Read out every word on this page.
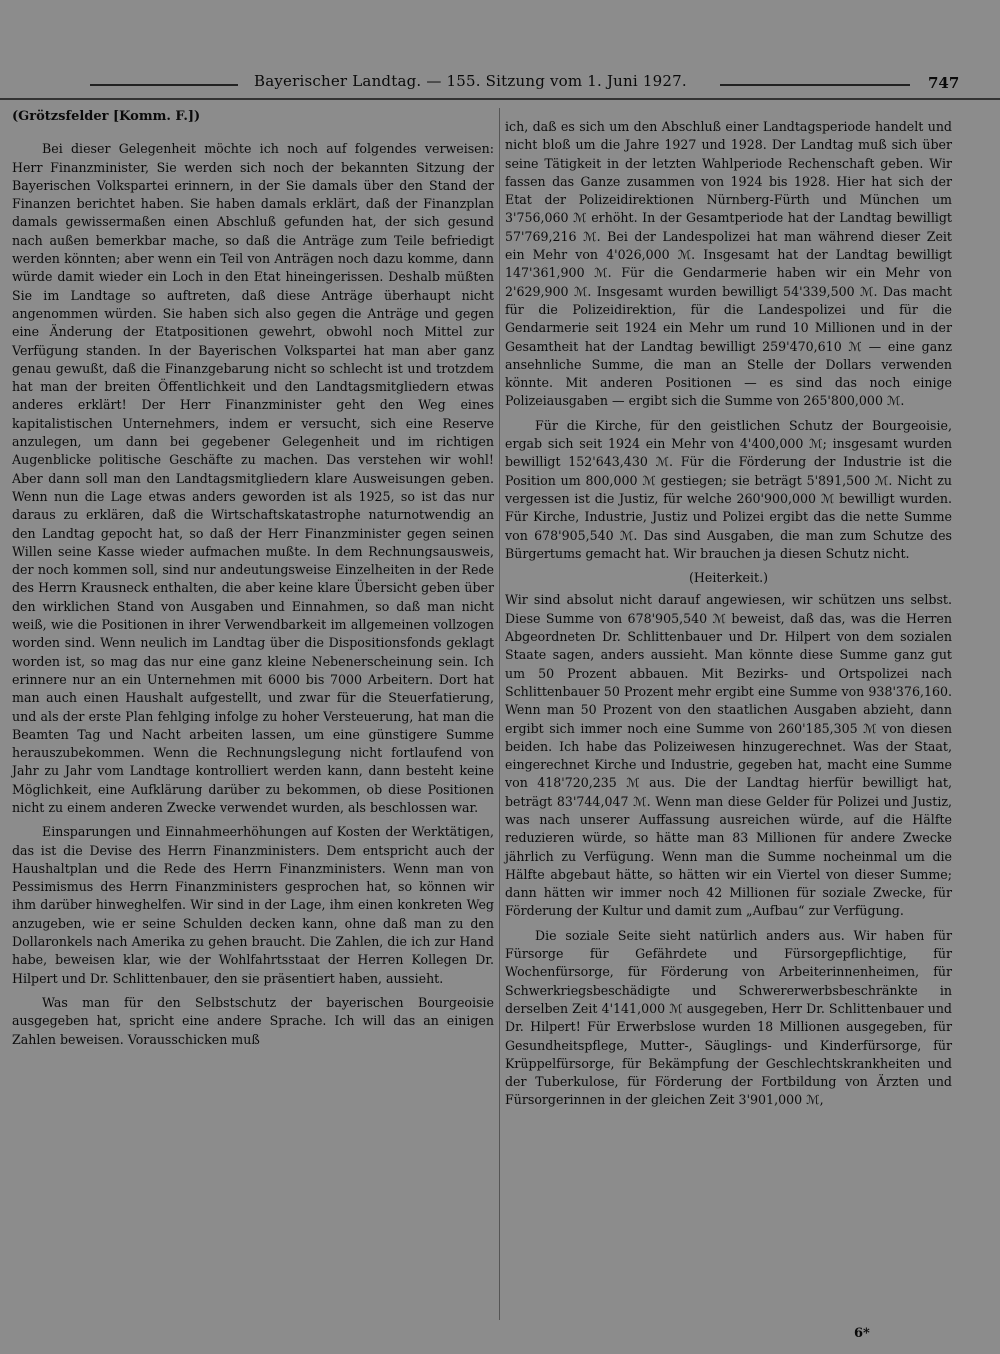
Bayerischer Landtag. — 155. Sitzung vom 1. Juni 1927.	747
(Grötzsfelder [Komm. F.])

Bei dieser Gelegenheit möchte ich noch auf folgendes verweisen: Herr Finanzminister, Sie werden sich noch der bekannten Sitzung der Bayerischen Volkspartei erinnern, in der Sie damals über den Stand der Finanzen berichtet haben. Sie haben damals erklärt, daß der Finanzplan damals gewissermaßen einen Abschluß gefunden hat, der sich gesund nach außen bemerkbar mache, so daß die Anträge zum Teile befriedigt werden könnten; aber wenn ein Teil von Anträgen noch dazu komme, dann würde damit wieder ein Loch in den Etat hineingerissen. Deshalb müßten Sie im Landtage so auftreten, daß diese Anträge überhaupt nicht angenommen würden. Sie haben sich also gegen die Anträge und gegen eine Änderung der Etatpositionen gewehrt, obwohl noch Mittel zur Verfügung standen. In der Bayerischen Volkspartei hat man aber ganz genau gewußt, daß die Finanzgebarung nicht so schlecht ist und trotzdem hat man der breiten Öffentlichkeit und den Landtagsmitgliedern etwas anderes erklärt! Der Herr Finanzminister geht den Weg eines kapitalistischen Unternehmers, indem er versucht, sich eine Reserve anzulegen, um dann bei gegebener Gelegenheit und im richtigen Augenblicke politische Geschäfte zu machen. Das verstehen wir wohl! Aber dann soll man den Landtagsmitgliedern klare Ausweisungen geben. Wenn nun die Lage etwas anders geworden ist als 1925, so ist das nur daraus zu erklären, daß die Wirtschaftskatastrophe naturnotwendig an den Landtag gepocht hat, so daß der Herr Finanzminister gegen seinen Willen seine Kasse wieder aufmachen mußte. In dem Rechnungsausweis, der noch kommen soll, sind nur andeutungsweise Einzelheiten in der Rede des Herrn Krausneck enthalten, die aber keine klare Übersicht geben über den wirklichen Stand von Ausgaben und Einnahmen, so daß man nicht weiß, wie die Positionen in ihrer Verwendbarkeit im allgemeinen vollzogen worden sind. Wenn neulich im Landtag über die Dispositionsfonds geklagt worden ist, so mag das nur eine ganz kleine Nebenerscheinung sein. Ich erinnere nur an ein Unternehmen mit 6000 bis 7000 Arbeitern. Dort hat man auch einen Haushalt aufgestellt, und zwar für die Steuerfatierung, und als der erste Plan fehlging infolge zu hoher Versteuerung, hat man die Beamten Tag und Nacht arbeiten lassen, um eine günstigere Summe herauszubekommen. Wenn die Rechnungslegung nicht fortlaufend von Jahr zu Jahr vom Landtage kontrolliert werden kann, dann besteht keine Möglichkeit, eine Aufklärung darüber zu bekommen, ob diese Positionen nicht zu einem anderen Zwecke verwendet wurden, als beschlossen war.

Einsparungen und Einnahmeerhöhungen auf Kosten der Werktätigen, das ist die Devise des Herrn Finanzministers. Dem entspricht auch der Haushaltplan und die Rede des Herrn Finanzministers. Wenn man von Pessimismus des Herrn Finanzministers gesprochen hat, so können wir ihm darüber hinweghelfen. Wir sind in der Lage, ihm einen konkreten Weg anzugeben, wie er seine Schulden decken kann, ohne daß man zu den Dollaronkels nach Amerika zu gehen braucht. Die Zahlen, die ich zur Hand habe, beweisen klar, wie der Wohlfahrtsstaat der Herren Kollegen Dr. Hilpert und Dr. Schlittenbauer, den sie präsentiert haben, aussieht.

Was man für den Selbstschutz der bayerischen Bourgeoisie ausgegeben hat, spricht eine andere Sprache. Ich will das an einigen Zahlen beweisen. Vorausschicken muß

ich, daß es sich um den Abschluß einer Landtagsperiode handelt und nicht bloß um die Jahre 1927 und 1928. Der Landtag muß sich über seine Tätigkeit in der letzten Wahlperiode Rechenschaft geben. Wir fassen das Ganze zusammen von 1924 bis 1928. Hier hat sich der Etat der Polizeidirektionen Nürnberg-Fürth und München um 3'756,060 ℳ erhöht. In der Gesamtperiode hat der Landtag bewilligt 57'769,216 ℳ. Bei der Landespolizei hat man während dieser Zeit ein Mehr von 4'026,000 ℳ. Insgesamt hat der Landtag bewilligt 147'361,900 ℳ. Für die Gendarmerie haben wir ein Mehr von 2'629,900 ℳ. Insgesamt wurden bewilligt 54'339,500 ℳ. Das macht für die Polizeidirektion, für die Landespolizei und für die Gendarmerie seit 1924 ein Mehr um rund 10 Millionen und in der Gesamtheit hat der Landtag bewilligt 259'470,610 ℳ — eine ganz ansehnliche Summe, die man an Stelle der Dollars verwenden könnte. Mit anderen Positionen — es sind das noch einige Polizeiausgaben — ergibt sich die Summe von 265'800,000 ℳ.

Für die Kirche, für den geistlichen Schutz der Bourgeoisie, ergab sich seit 1924 ein Mehr von 4'400,000 ℳ; insgesamt wurden bewilligt 152'643,430 ℳ. Für die Förderung der Industrie ist die Position um 800,000 ℳ gestiegen; sie beträgt 5'891,500 ℳ. Nicht zu vergessen ist die Justiz, für welche 260'900,000 ℳ bewilligt wurden. Für Kirche, Industrie, Justiz und Polizei ergibt das die nette Summe von 678'905,540 ℳ. Das sind Ausgaben, die man zum Schutze des Bürgertums gemacht hat. Wir brauchen ja diesen Schutz nicht.

(Heiterkeit.)

Wir sind absolut nicht darauf angewiesen, wir schützen uns selbst. Diese Summe von 678'905,540 ℳ beweist, daß das, was die Herren Abgeordneten Dr. Schlittenbauer und Dr. Hilpert von dem sozialen Staate sagen, anders aussieht. Man könnte diese Summe ganz gut um 50 Prozent abbauen. Mit Bezirks- und Ortspolizei nach Schlittenbauer 50 Prozent mehr ergibt eine Summe von 938'376,160. Wenn man 50 Prozent von den staatlichen Ausgaben abzieht, dann ergibt sich immer noch eine Summe von 260'185,305 ℳ von diesen beiden. Ich habe das Polizeiwesen hinzugerechnet. Was der Staat, eingerechnet Kirche und Industrie, gegeben hat, macht eine Summe von 418'720,235 ℳ aus. Die der Landtag hierfür bewilligt hat, beträgt 83'744,047 ℳ. Wenn man diese Gelder für Polizei und Justiz, was nach unserer Auffassung ausreichen würde, auf die Hälfte reduzieren würde, so hätte man 83 Millionen für andere Zwecke jährlich zu Verfügung. Wenn man die Summe nocheinmal um die Hälfte abgebaut hätte, so hätten wir ein Viertel von dieser Summe; dann hätten wir immer noch 42 Millionen für soziale Zwecke, für Förderung der Kultur und damit zum „Aufbau“ zur Verfügung.

Die soziale Seite sieht natürlich anders aus. Wir haben für Fürsorge für Gefährdete und Fürsorgepflichtige, für Wochenfürsorge, für Förderung von Arbeiterinnenheimen, für Schwerkriegsbeschädigte und Schwererwerbsbeschränkte in derselben Zeit 4'141,000 ℳ ausgegeben, Herr Dr. Schlittenbauer und Dr. Hilpert! Für Erwerbslose wurden 18 Millionen ausgegeben, für Gesundheitspflege, Mutter-, Säuglings- und Kinderfürsorge, für Krüppelfürsorge, für Bekämpfung der Geschlechtskrankheiten und der Tuberkulose, für Förderung der Fortbildung von Ärzten und Fürsorgerinnen in der gleichen Zeit 3'901,000 ℳ,

6*
